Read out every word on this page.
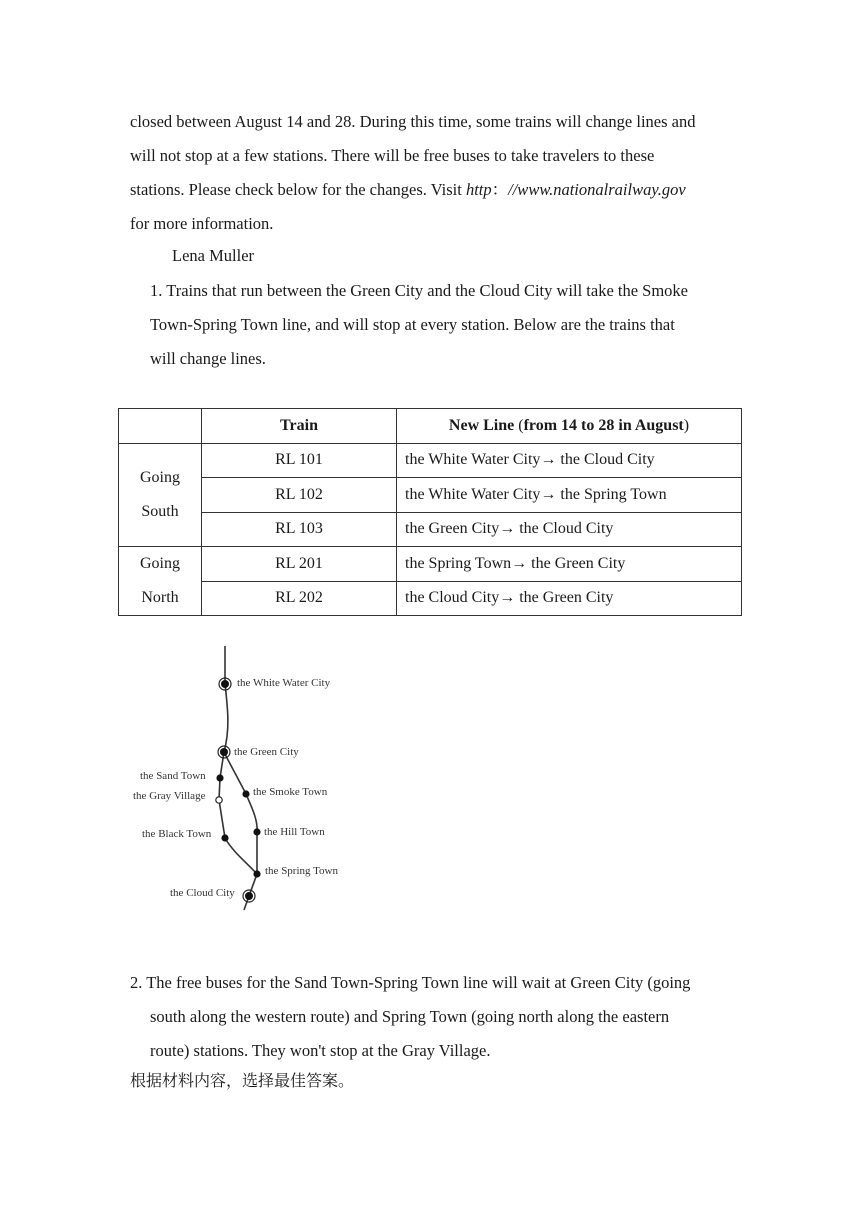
closed between August 14 and 28. During this time, some trains will change lines and

will not stop at a few stations. There will be free buses to take travelers to these

stations. Please check below for the changes. Visit http：//www.nationalrailway.gov

for more information.

Lena Muller

1. Trains that run between the Green City and the Cloud City will take the Smoke

Town-Spring Town line, and will stop at every station. Below are the trains that

will change lines.

	Train	New Line (from 14 to 28 in August)

Going
South	RL 101	the White Water City→ the Cloud City
	RL 102	the White Water City→ the Spring Town
	RL 103	the Green City→ the Cloud City

Going
North	RL 201	the Spring Town→ the Green City
	RL 202	the Cloud City→ the Green City
the White Water City
the Green City
the Sand Town
the Gray Village	the Smoke Town
the Black Town	the Hill Town
the Spring Town
the Cloud City

2. The free buses for the Sand Town-Spring Town line will wait at Green City (going

south along the western route) and Spring Town (going north along the eastern

route) stations. They won't stop at the Gray Village.

根据材料内容，选择最佳答案。
